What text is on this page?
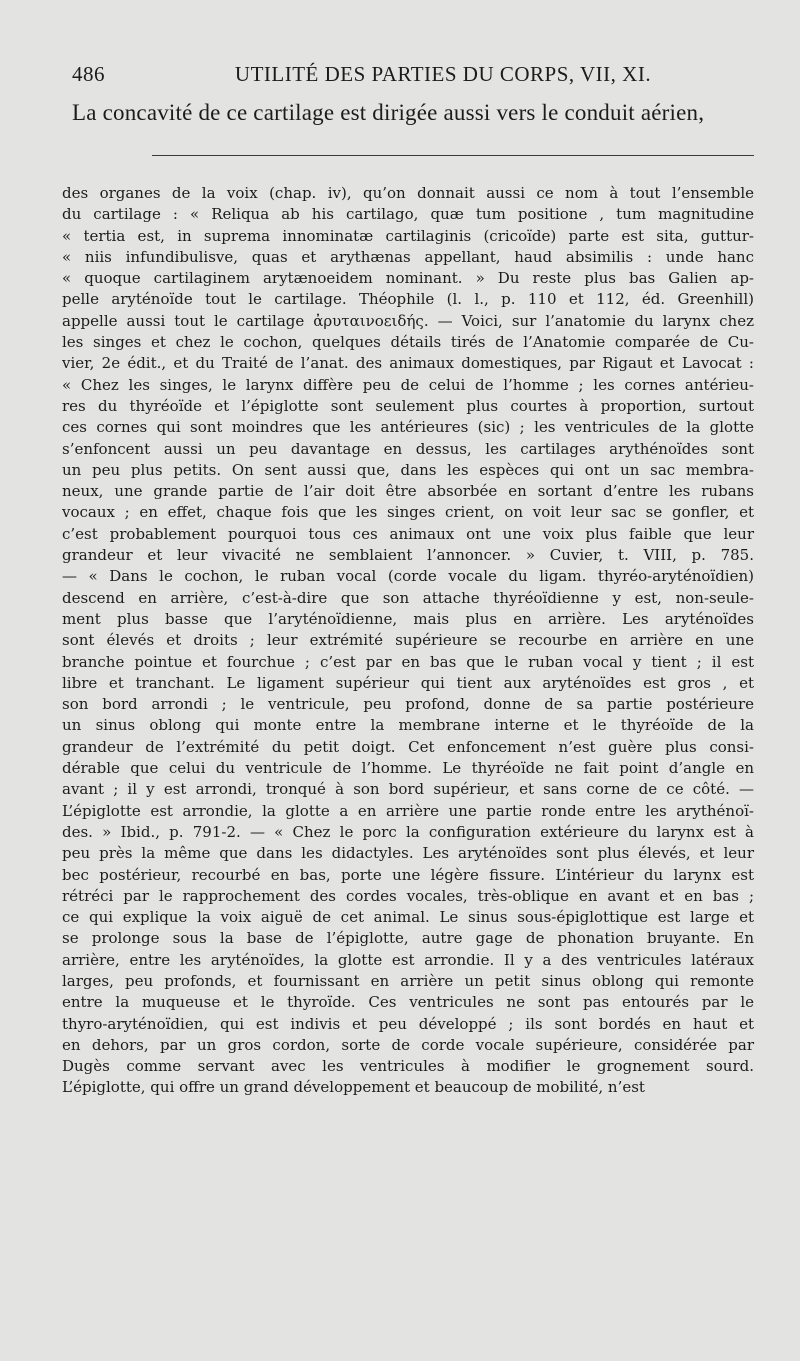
486	UTILITÉ DES PARTIES DU CORPS, VII, XI.
La concavité de ce cartilage est dirigée aussi vers le conduit aérien,
des organes de la voix (chap. iv), qu’on donnait aussi ce nom à tout l’ensemble
du cartilage : « Reliqua ab his cartilago, quæ tum positione , tum magnitudine
« tertia est, in suprema innominatæ cartilaginis (cricoïde) parte est sita, guttur-
« niis infundibulisve, quas et arythænas appellant, haud absimilis : unde hanc
« quoque cartilaginem arytænoeidem nominant. » Du reste plus bas Galien ap-
pelle aryténoïde tout le cartilage. Théophile (l. l., p. 110 et 112, éd. Greenhill)
appelle aussi tout le cartilage ἀρυταινοειδής. — Voici, sur l’anatomie du larynx chez
les singes et chez le cochon, quelques détails tirés de l’Anatomie comparée de Cu-
vier, 2e édit., et du Traité de l’anat. des animaux domestiques, par Rigaut et Lavocat :
« Chez les singes, le larynx diffère peu de celui de l’homme ; les cornes antérieu-
res du thyréoïde et l’épiglotte sont seulement plus courtes à proportion, surtout
ces cornes qui sont moindres que les antérieures (sic) ; les ventricules de la glotte
s’enfoncent aussi un peu davantage en dessus, les cartilages arythénoïdes sont
un peu plus petits. On sent aussi que, dans les espèces qui ont un sac membra-
neux, une grande partie de l’air doit être absorbée en sortant d’entre les rubans
vocaux ; en effet, chaque fois que les singes crient, on voit leur sac se gonfler, et
c’est probablement pourquoi tous ces animaux ont une voix plus faible que leur
grandeur et leur vivacité ne semblaient l’annoncer. » Cuvier, t. VIII, p. 785.
— « Dans le cochon, le ruban vocal (corde vocale du ligam. thyréo-aryténoïdien)
descend en arrière, c’est-à-dire que son attache thyréoïdienne y est, non-seule-
ment plus basse que l’aryténoïdienne, mais plus en arrière. Les aryténoïdes
sont élevés et droits ; leur extrémité supérieure se recourbe en arrière en une
branche pointue et fourchue ; c’est par en bas que le ruban vocal y tient ; il est
libre et tranchant. Le ligament supérieur qui tient aux aryténoïdes est gros , et
son bord arrondi ; le ventricule, peu profond, donne de sa partie postérieure
un sinus oblong qui monte entre la membrane interne et le thyréoïde de la
grandeur de l’extrémité du petit doigt. Cet enfoncement n’est guère plus consi-
dérable que celui du ventricule de l’homme. Le thyréoïde ne fait point d’angle en
avant ; il y est arrondi, tronqué à son bord supérieur, et sans corne de ce côté. —
L’épiglotte est arrondie, la glotte a en arrière une partie ronde entre les arythénoï-
des. » Ibid., p. 791-2. — « Chez le porc la configuration extérieure du larynx est à
peu près la même que dans les didactyles. Les aryténoïdes sont plus élevés, et leur
bec postérieur, recourbé en bas, porte une légère fissure. L’intérieur du larynx est
rétréci par le rapprochement des cordes vocales, très-oblique en avant et en bas ;
ce qui explique la voix aiguë de cet animal. Le sinus sous-épiglottique est large et
se prolonge sous la base de l’épiglotte, autre gage de phonation bruyante. En
arrière, entre les aryténoïdes, la glotte est arrondie. Il y a des ventricules latéraux
larges, peu profonds, et fournissant en arrière un petit sinus oblong qui remonte
entre la muqueuse et le thyroïde. Ces ventricules ne sont pas entourés par le
thyro-aryténoïdien, qui est indivis et peu développé ; ils sont bordés en haut et
en dehors, par un gros cordon, sorte de corde vocale supérieure, considérée par
Dugès comme servant avec les ventricules à modifier le grognement sourd.
L’épiglotte, qui offre un grand développement et beaucoup de mobilité, n’est
